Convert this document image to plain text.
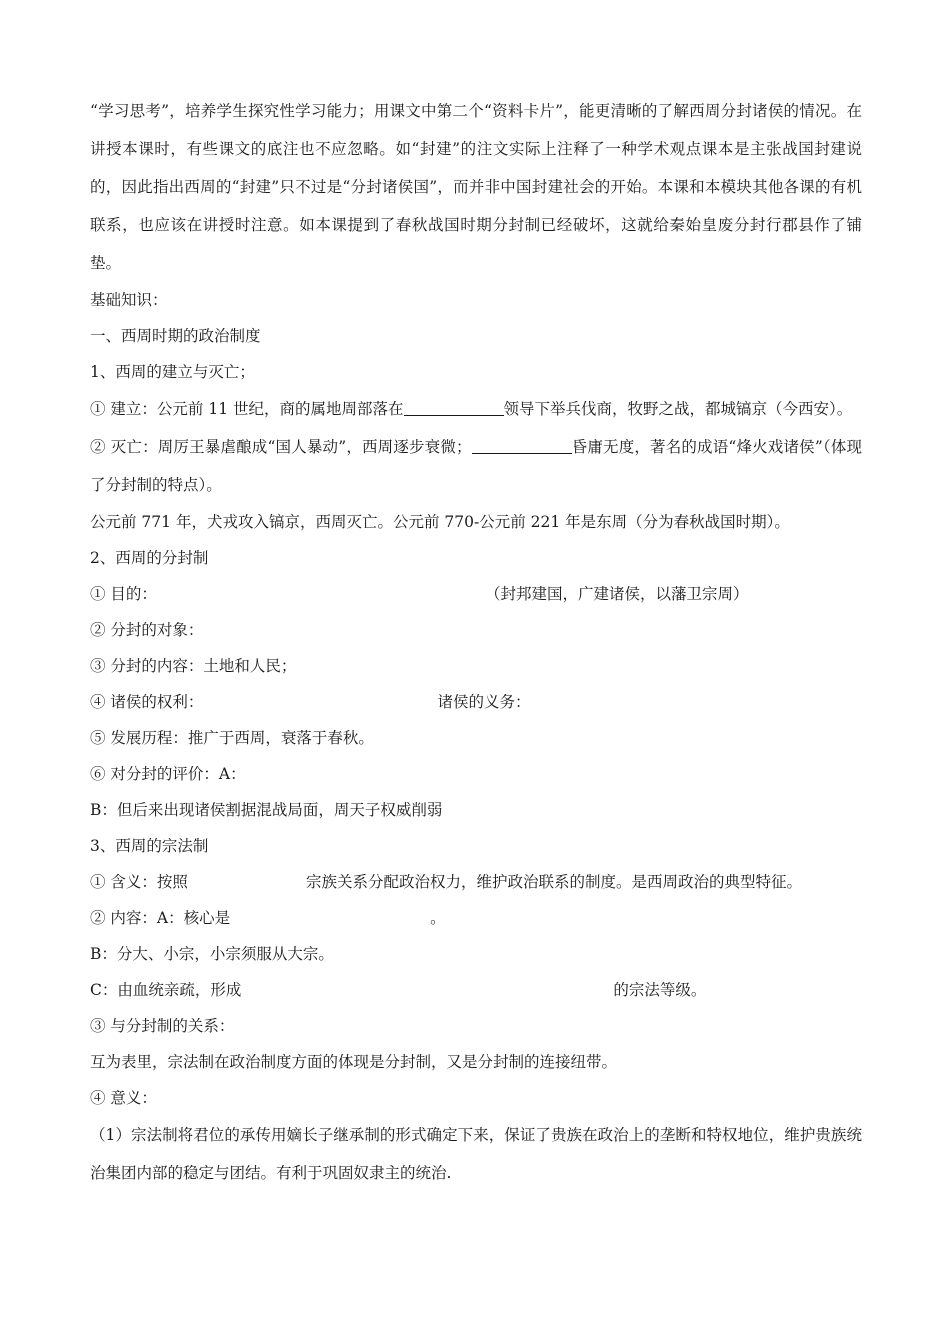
“学习思考”，培养学生探究性学习能力；用课文中第二个“资料卡片”，能更清晰的了解西周分封诸侯的情况。在讲授本课时，有些课文的底注也不应忽略。如“封建”的注文实际上注释了一种学术观点课本是主张战国封建说的，因此指出西周的“封建”只不过是“分封诸侯国”，而并非中国封建社会的开始。本课和本模块其他各课的有机联系，也应该在讲授时注意。如本课提到了春秋战国时期分封制已经破坏，这就给秦始皇废分封行郡县作了铺垫。

基础知识：
一、西周时期的政治制度
1、西周的建立与灭亡；
① 建立：公元前 11 世纪，商的属地周部落在	领导下举兵伐商，牧野之战，都城镐京（今西安）。
② 灭亡：周厉王暴虐酿成“国人暴动”，西周逐步衰微；	昏庸无度，著名的成语“烽火戏诸侯”（体现了分封制的特点）。
公元前 771 年，犬戎攻入镐京，西周灭亡。公元前 770-公元前 221 年是东周（分为春秋战国时期）。
2、西周的分封制
① 目的：	（封邦建国，广建诸侯，以藩卫宗周）
② 分封的对象：
③ 分封的内容：土地和人民；
④ 诸侯的权利：	诸侯的义务：
⑤ 发展历程：推广于西周，衰落于春秋。
⑥ 对分封的评价：A：
B：但后来出现诸侯割据混战局面，周天子权威削弱
3、西周的宗法制
① 含义：按照	宗族关系分配政治权力，维护政治联系的制度。是西周政治的典型特征。
② 内容：A：核心是	。
B：分大、小宗，小宗须服从大宗。
C：由血统亲疏，形成	的宗法等级。
③ 与分封制的关系：
互为表里，宗法制在政治制度方面的体现是分封制，又是分封制的连接纽带。
④ 意义：
（1）宗法制将君位的承传用嫡长子继承制的形式确定下来，保证了贵族在政治上的垄断和特权地位，维护贵族统治集团内部的稳定与团结。有利于巩固奴隶主的统治.
